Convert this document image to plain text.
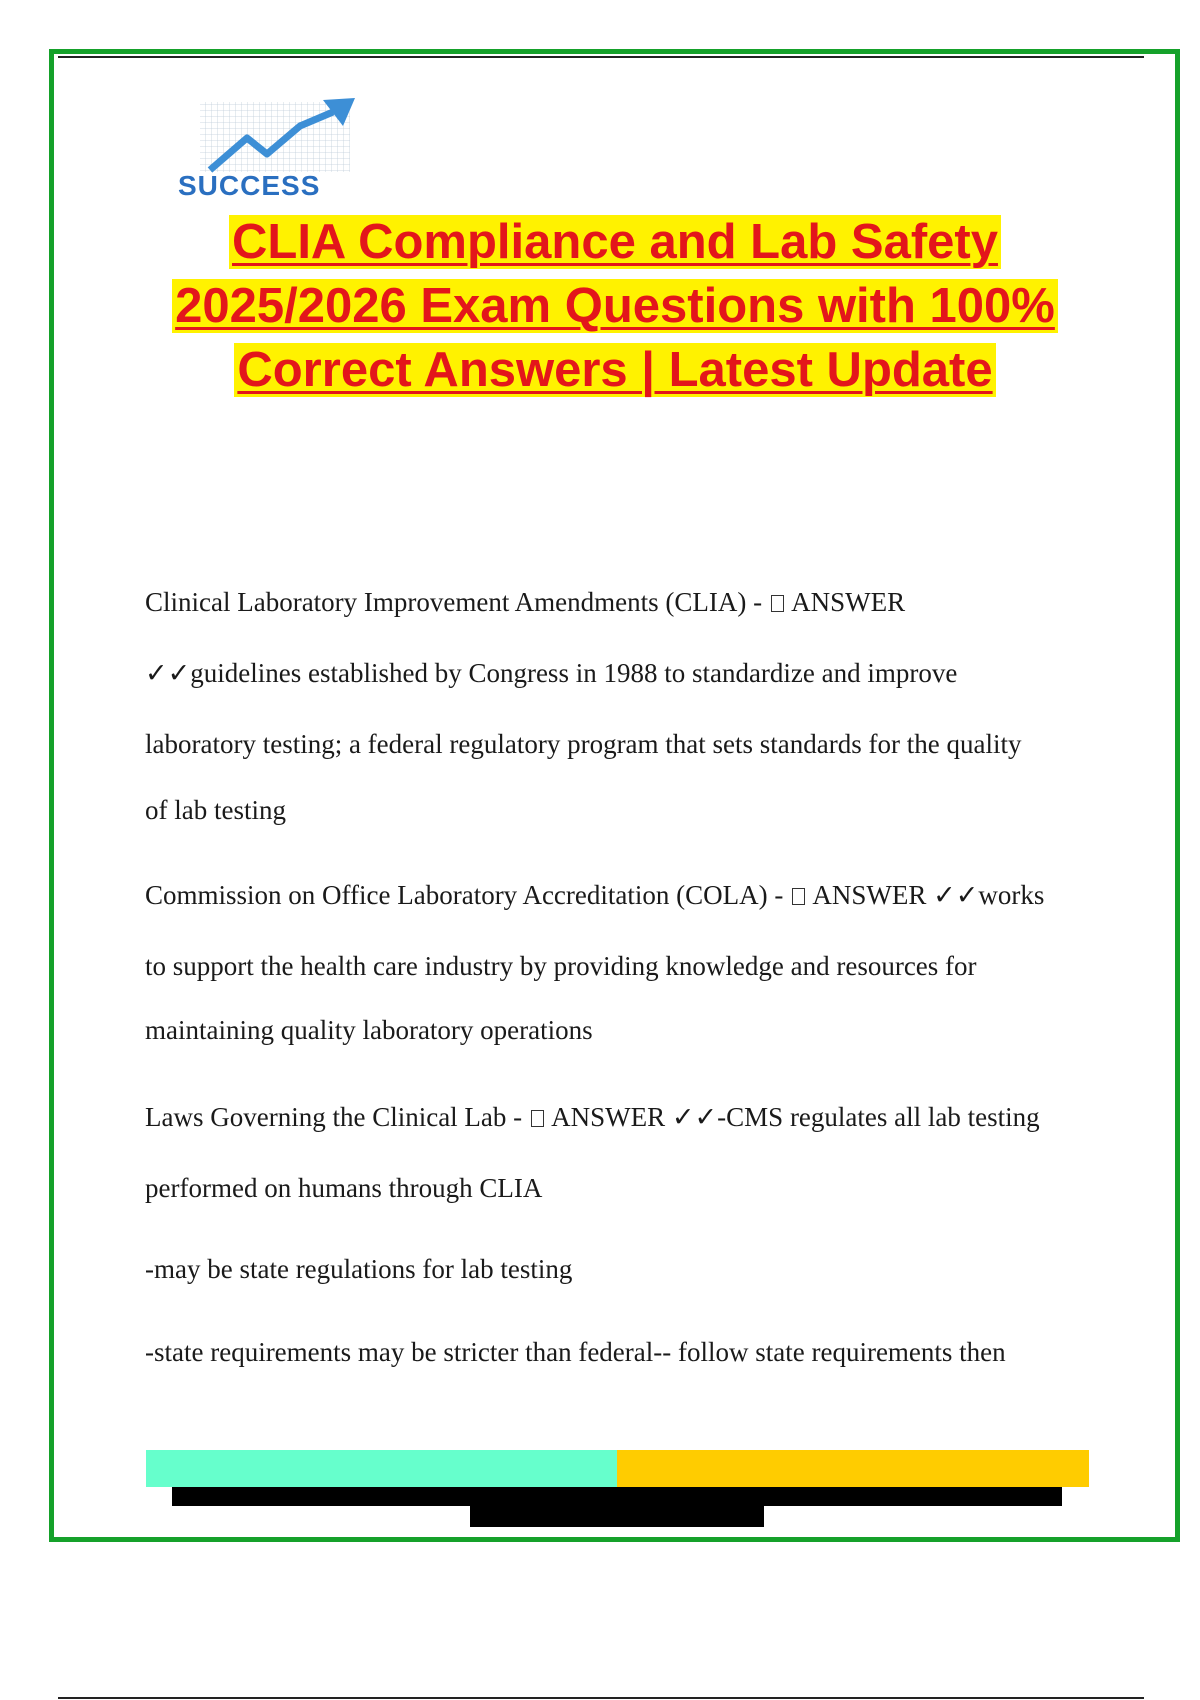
SUCCESS
CLIA Compliance and Lab Safety
2025/2026 Exam Questions with 100%
Correct Answers | Latest Update
Clinical Laboratory Improvement Amendments (CLIA) -  ANSWER
✓✓guidelines established by Congress in 1988 to standardize and improve
laboratory testing; a federal regulatory program that sets standards for the quality
of lab testing
Commission on Office Laboratory Accreditation (COLA) -  ANSWER ✓✓works
to support the health care industry by providing knowledge and resources for
maintaining quality laboratory operations
Laws Governing the Clinical Lab -  ANSWER ✓✓-CMS regulates all lab testing
performed on humans through CLIA
-may be state regulations for lab testing
-state requirements may be stricter than federal-- follow state requirements then
